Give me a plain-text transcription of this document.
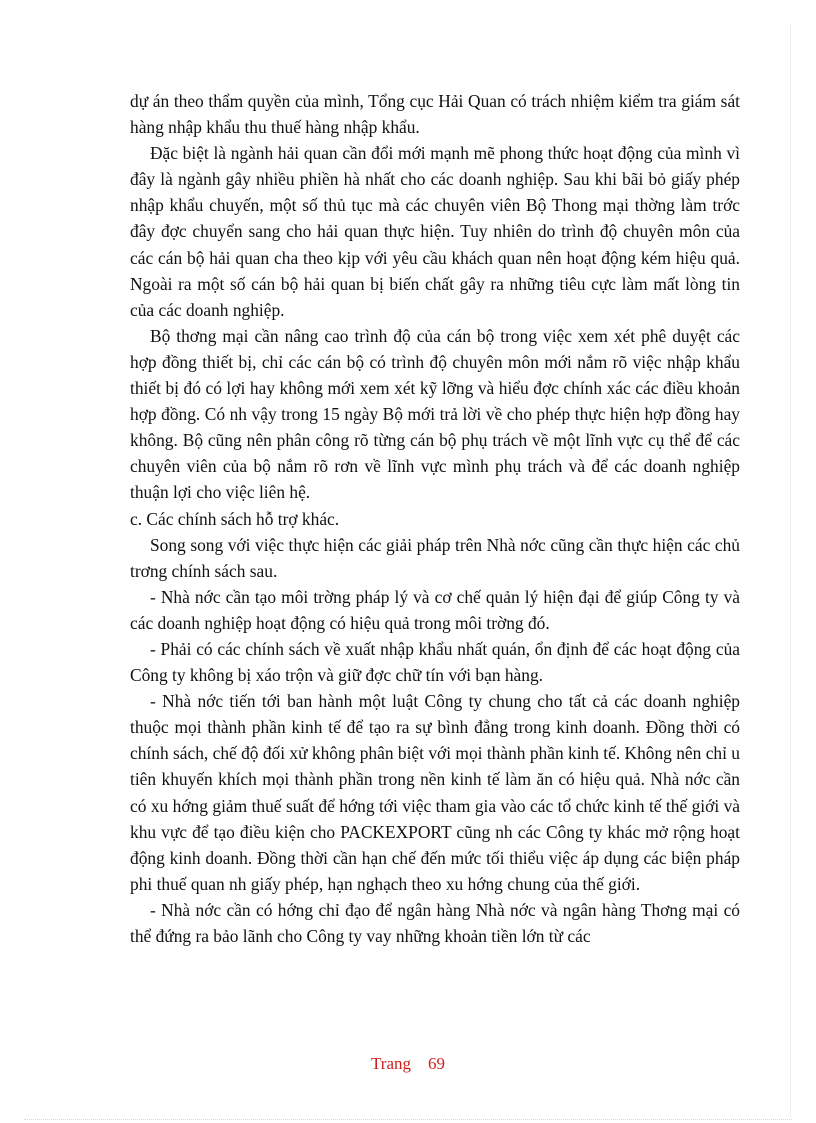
dự án theo thẩm quyền của mình, Tổng cục Hải Quan có trách nhiệm kiểm tra giám sát hàng nhập khẩu thu thuế hàng nhập khẩu.

Đặc biệt là ngành hải quan cần đổi mới mạnh mẽ phong thức hoạt động của mình vì đây là ngành gây nhiều phiền hà nhất cho các doanh nghiệp. Sau khi bãi bỏ giấy phép nhập khẩu chuyến, một số thủ tục mà các chuyên viên Bộ Thong mại thờng làm trớc đây đợc chuyển sang cho hải quan thực hiện. Tuy nhiên do trình độ chuyên môn của các cán bộ hải quan cha theo kịp với yêu cầu khách quan nên hoạt động kém hiệu quả. Ngoài ra một số cán bộ hải quan bị biến chất gây ra những tiêu cực làm mất lòng tin của các doanh nghiệp.

Bộ thơng mại cần nâng cao trình độ của cán bộ trong việc xem xét phê duyệt các hợp đồng thiết bị, chỉ các cán bộ có trình độ chuyên môn mới nắm rõ việc nhập khẩu thiết bị đó có lợi hay không mới xem xét kỹ lỡng và hiểu đợc chính xác các điều khoản hợp đồng. Có nh vậy trong 15 ngày Bộ mới trả lời về cho phép thực hiện hợp đồng hay không. Bộ cũng nên phân công rõ từng cán bộ phụ trách về một lĩnh vực cụ thể để các chuyên viên của bộ nắm rõ rơn về lĩnh vực mình phụ trách và để các doanh nghiệp thuận lợi cho việc liên hệ.

c. Các chính sách hỗ trợ khác.

Song song với việc thực hiện các giải pháp trên Nhà nớc cũng cần thực hiện các chủ trơng chính sách sau.

- Nhà nớc cần tạo môi trờng pháp lý và cơ chế quản lý hiện đại để giúp Công ty và các doanh nghiệp hoạt động có hiệu quả trong môi trờng đó.

- Phải có các chính sách về xuất nhập khẩu nhất quán, ổn định để các hoạt động của Công ty không bị xáo trộn và giữ đợc chữ tín với bạn hàng.

- Nhà nớc tiến tới ban hành một luật Công ty chung cho tất cả các doanh nghiệp thuộc mọi thành phần kinh tế để tạo ra sự bình đẳng trong kinh doanh. Đồng thời có chính sách, chế độ đối xử không phân biệt với mọi thành phần kinh tế. Không nên chỉ u tiên khuyến khích mọi thành phần trong nền kinh tế làm ăn có hiệu quả. Nhà nớc cần có xu hớng giảm thuế suất để hớng tới việc tham gia vào các tổ chức kinh tế thế giới và khu vực để tạo điều kiện cho PACKEXPORT cũng nh các Công ty khác mở rộng hoạt động kinh doanh. Đồng thời cần hạn chế đến mức tối thiểu việc áp dụng các biện pháp phi thuế quan nh giấy phép, hạn nghạch theo xu hớng chung của thế giới.

- Nhà nớc cần có hớng chỉ đạo để ngân hàng Nhà nớc và ngân hàng Thơng mại có thể đứng ra bảo lãnh cho Công ty vay những khoản tiền lớn từ các

Trang    69
